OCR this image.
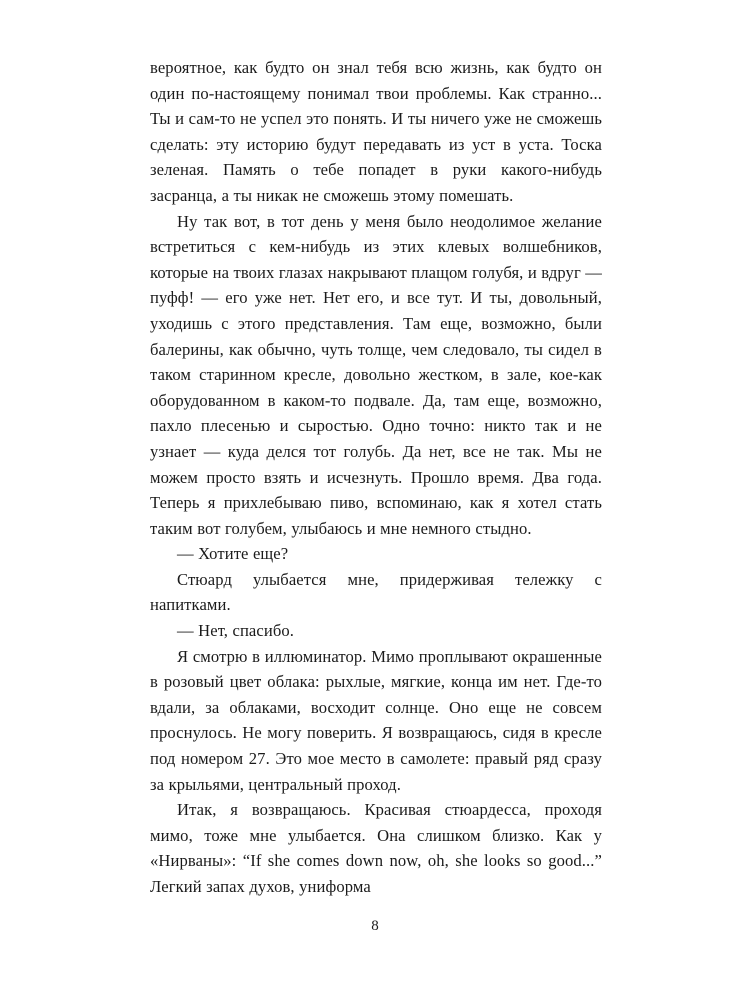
вероятное, как будто он знал тебя всю жизнь, как будто он один по-настоящему понимал твои проблемы. Как странно... Ты и сам-то не успел это понять. И ты ничего уже не сможешь сделать: эту историю будут передавать из уст в уста. Тоска зеленая. Память о тебе попадет в руки какого-нибудь засранца, а ты никак не сможешь этому помешать.

Ну так вот, в тот день у меня было неодолимое желание встретиться с кем-нибудь из этих клевых волшебников, которые на твоих глазах накрывают плащом голубя, и вдруг — пуфф! — его уже нет. Нет его, и все тут. И ты, довольный, уходишь с этого представления. Там еще, возможно, были балерины, как обычно, чуть толще, чем следовало, ты сидел в таком старинном кресле, довольно жестком, в зале, кое-как оборудованном в каком-то подвале. Да, там еще, возможно, пахло плесенью и сыростью. Одно точно: никто так и не узнает — куда делся тот голубь. Да нет, все не так. Мы не можем просто взять и исчезнуть. Прошло время. Два года. Теперь я прихлебываю пиво, вспоминаю, как я хотел стать таким вот голубем, улыбаюсь и мне немного стыдно.

— Хотите еще?

Стюард улыбается мне, придерживая тележку с напитками.

— Нет, спасибо.

Я смотрю в иллюминатор. Мимо проплывают окрашенные в розовый цвет облака: рыхлые, мягкие, конца им нет. Где-то вдали, за облаками, восходит солнце. Оно еще не совсем проснулось. Не могу поверить. Я возвращаюсь, сидя в кресле под номером 27. Это мое место в самолете: правый ряд сразу за крыльями, центральный проход.

Итак, я возвращаюсь. Красивая стюардесса, проходя мимо, тоже мне улыбается. Она слишком близко. Как у «Нирваны»: “If she comes down now, oh, she looks so good...” Легкий запах духов, униформа

8
